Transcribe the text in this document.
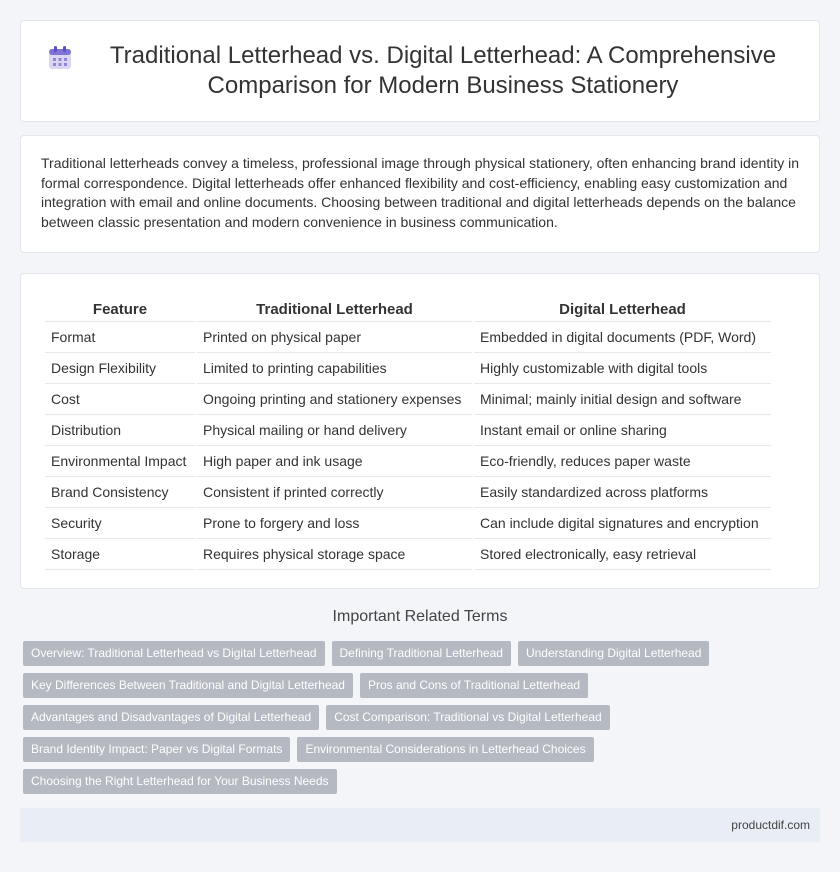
Traditional Letterhead vs. Digital Letterhead: A Comprehensive Comparison for Modern Business Stationery

Traditional letterheads convey a timeless, professional image through physical stationery, often enhancing brand identity in formal correspondence. Digital letterheads offer enhanced flexibility and cost-efficiency, enabling easy customization and integration with email and online documents. Choosing between traditional and digital letterheads depends on the balance between classic presentation and modern convenience in business communication.

Feature	Traditional Letterhead	Digital Letterhead
Format	Printed on physical paper	Embedded in digital documents (PDF, Word)
Design Flexibility	Limited to printing capabilities	Highly customizable with digital tools
Cost	Ongoing printing and stationery expenses	Minimal; mainly initial design and software
Distribution	Physical mailing or hand delivery	Instant email or online sharing
Environmental Impact	High paper and ink usage	Eco-friendly, reduces paper waste
Brand Consistency	Consistent if printed correctly	Easily standardized across platforms
Security	Prone to forgery and loss	Can include digital signatures and encryption
Storage	Requires physical storage space	Stored electronically, easy retrieval
Important Related Terms
Overview: Traditional Letterhead vs Digital Letterhead	Defining Traditional Letterhead	Understanding Digital Letterhead
Key Differences Between Traditional and Digital Letterhead	Pros and Cons of Traditional Letterhead
Advantages and Disadvantages of Digital Letterhead	Cost Comparison: Traditional vs Digital Letterhead
Brand Identity Impact: Paper vs Digital Formats	Environmental Considerations in Letterhead Choices
Choosing the Right Letterhead for Your Business Needs
productdif.com
